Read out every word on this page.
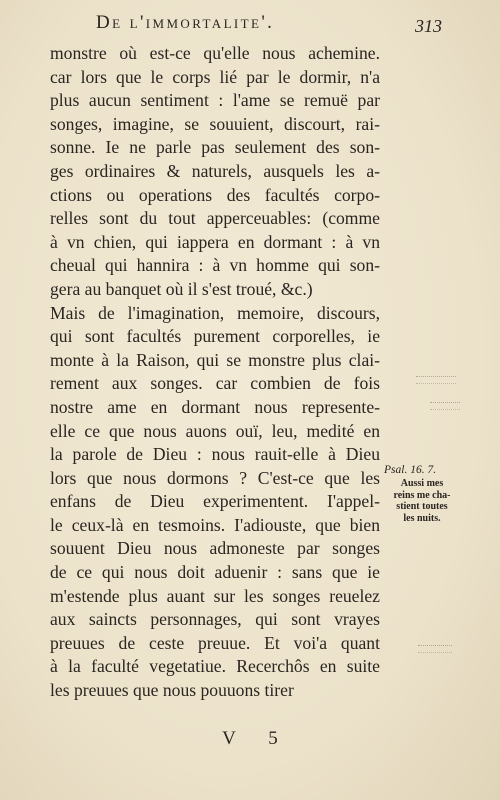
De l'immortalite'.	313
monstre où est-ce qu'elle nous achemine.
car lors que le corps lié par le dormir, n'a
plus aucun sentiment : l'ame se remuë par
songes, imagine, se souuient, discourt, rai-
sonne. Ie ne parle pas seulement des son-
ges ordinaires & naturels, ausquels les a-
ctions ou operations des facultés corpo-
relles sont du tout apperceuables: (comme
à vn chien, qui iappera en dormant : à vn
cheual qui hannira : à vn homme qui son-
gera au banquet où il s'est troué, &c.)
Mais de l'imagination, memoire, discours,
qui sont facultés purement corporelles, ie
monte à la Raison, qui se monstre plus clai-
rement aux songes. car combien de fois
nostre ame en dormant nous represente-
elle ce que nous auons ouï, leu, medité en
la parole de Dieu : nous rauit-elle à Dieu
lors que nous dormons ? C'est-ce que les
enfans de Dieu experimentent. I'appel-
le ceux-là en tesmoins. I'adiouste, que bien
souuent Dieu nous admoneste par songes
de ce qui nous doit aduenir : sans que ie
m'estende plus auant sur les songes reuelez
aux saincts personnages, qui sont vrayes
preuues de ceste preuue. Et voi'a quant
à la faculté vegetatiue. Recerchôs en suite
les preuues que nous pouuons tirer
Psal. 16. 7.
Aussi mes
reins me cha-
stient toutes
les nuits.
V 5
